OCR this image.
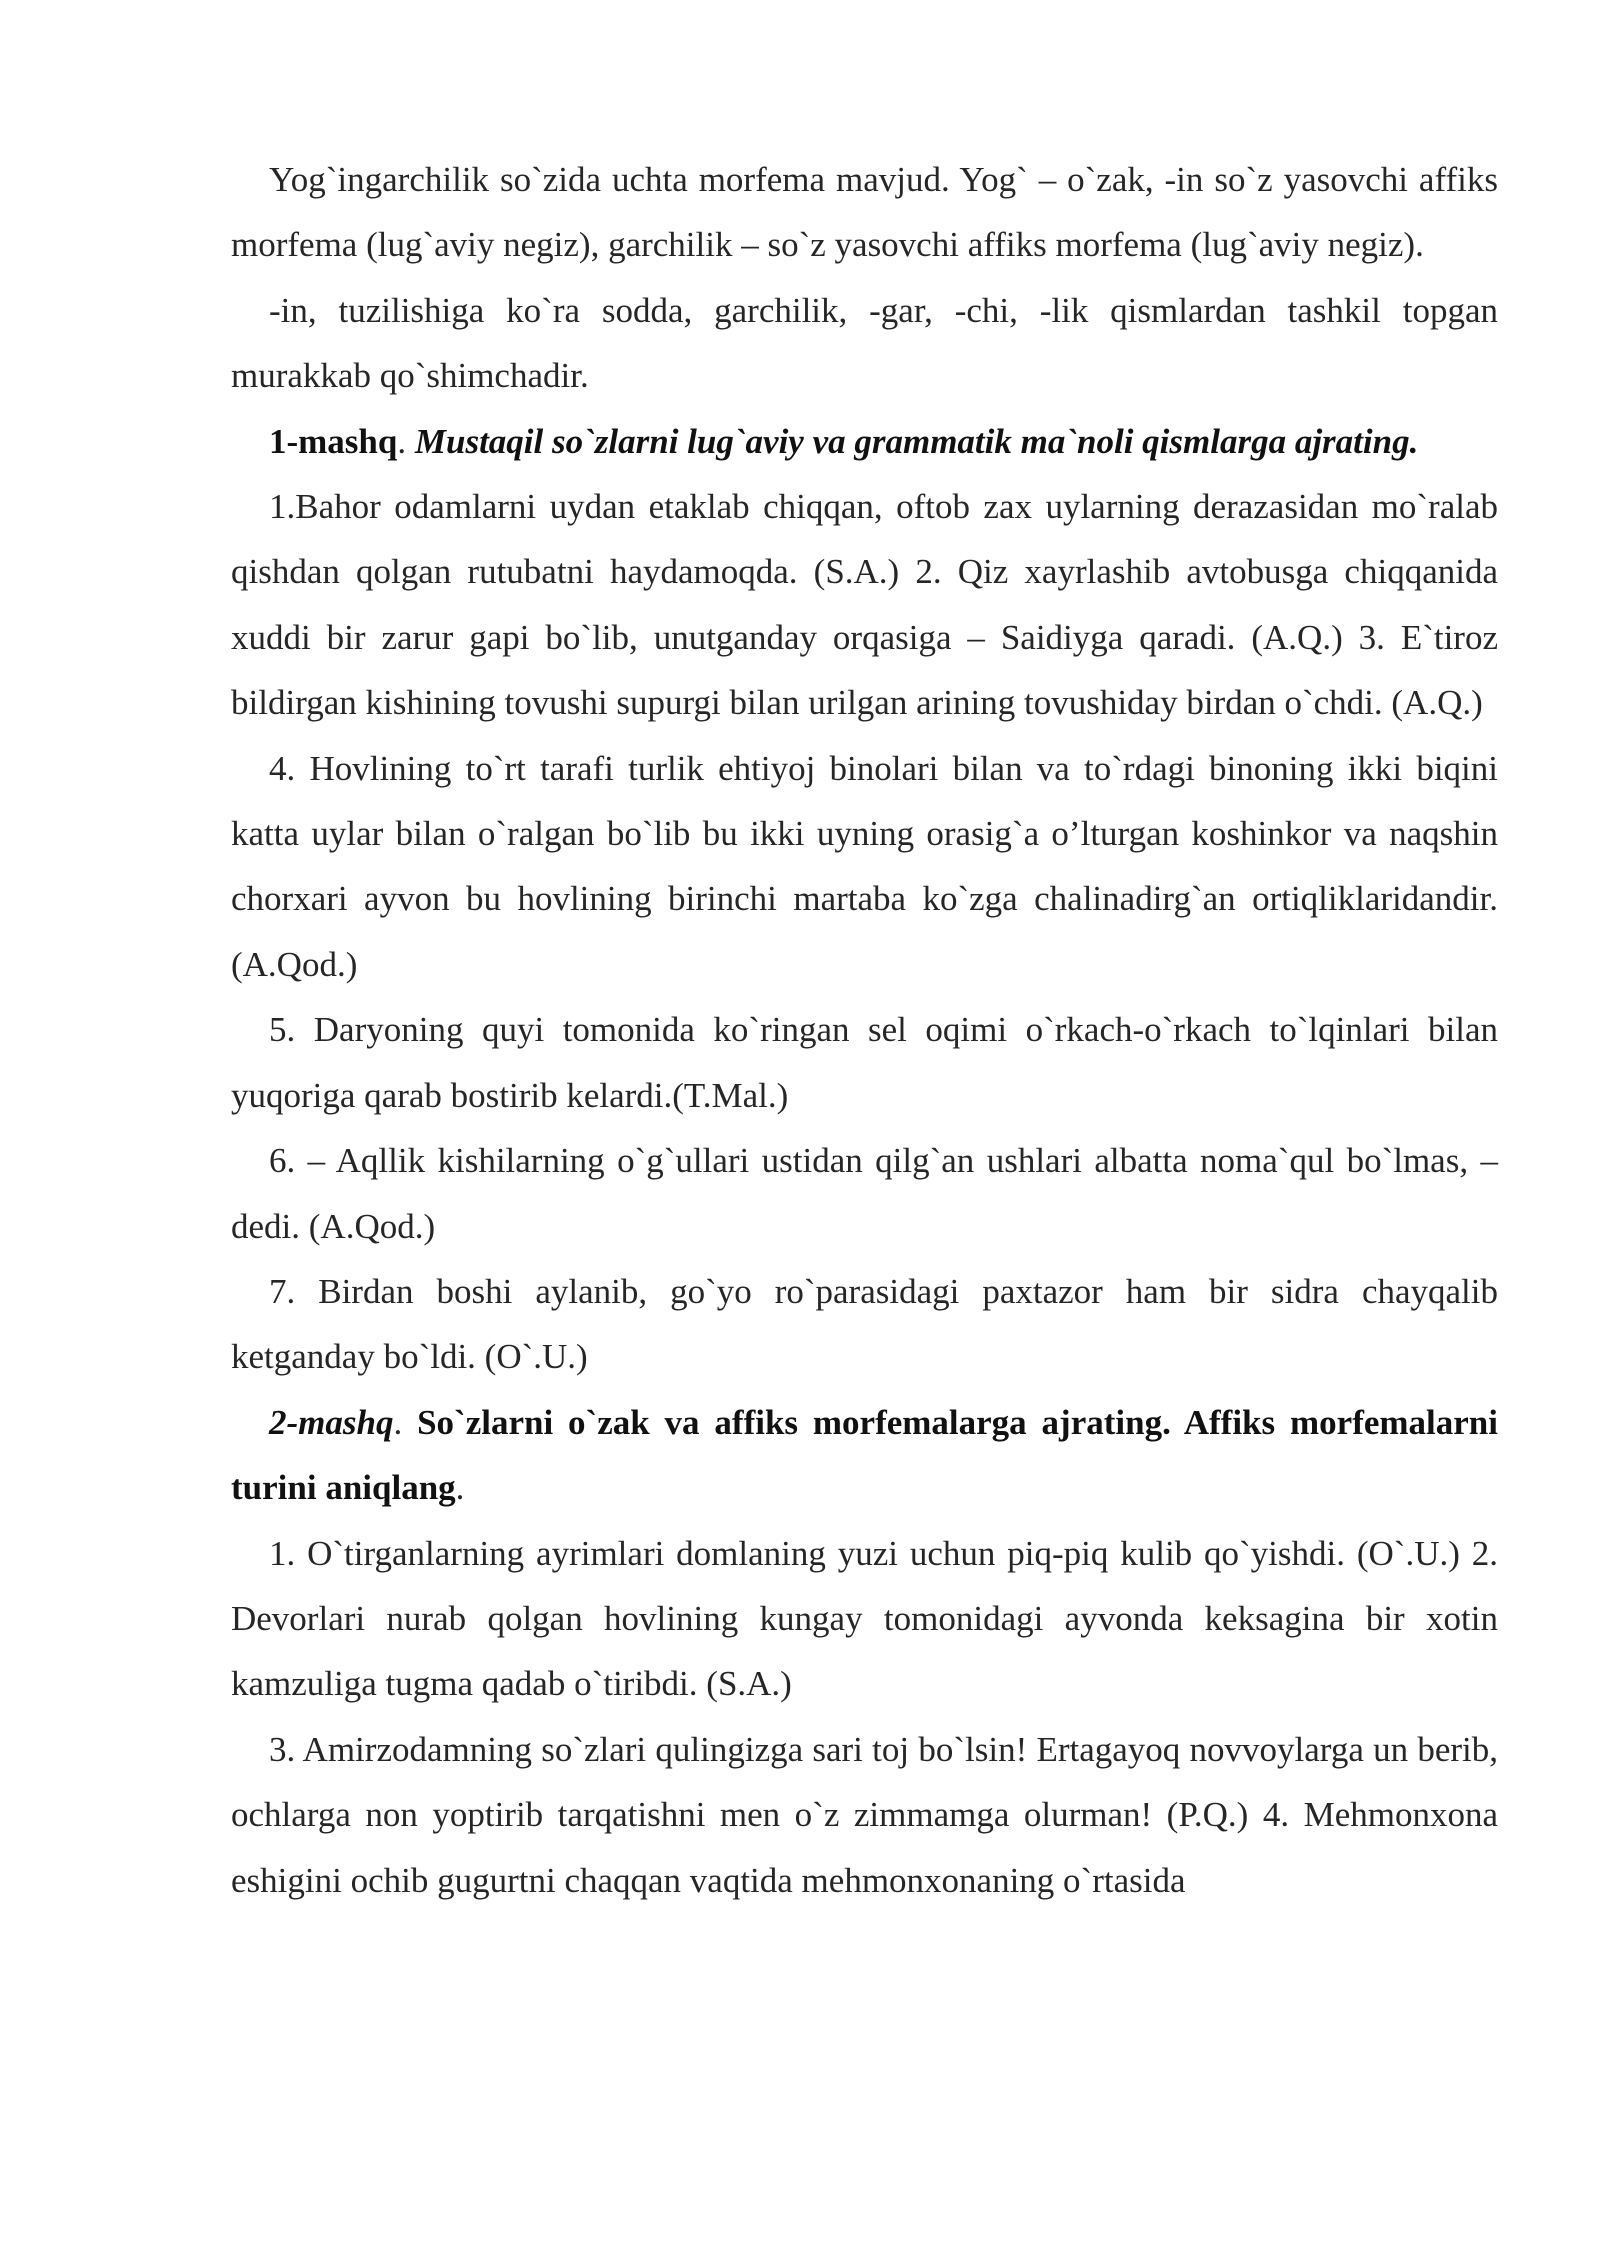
Yog`ingarchilik so`zida uchta morfema mavjud. Yog` – o`zak, -in so`z yasovchi affiks morfema (lug`aviy negiz), garchilik – so`z yasovchi affiks morfema (lug`aviy negiz).

-in, tuzilishiga ko`ra sodda, garchilik, -gar, -chi, -lik qismlardan tashkil topgan murakkab qo`shimchadir.

1-mashq. Mustaqil so`zlarni lug`aviy va grammatik ma`noli qismlarga ajrating.

1.Bahor odamlarni uydan etaklab chiqqan, oftob zax uylarning derazasidan mo`ralab qishdan qolgan rutubatni haydamoqda. (S.A.) 2. Qiz xayrlashib avtobusga chiqqanida xuddi bir zarur gapi bo`lib, unutganday orqasiga – Saidiyga qaradi. (A.Q.) 3. E`tiroz bildirgan kishining tovushi supurgi bilan urilgan arining tovushiday birdan o`chdi. (A.Q.)

4. Hovlining to`rt tarafi turlik ehtiyoj binolari bilan va to`rdagi binoning ikki biqini katta uylar bilan o`ralgan bo`lib bu ikki uyning orasig`a o’lturgan koshinkor va naqshin chorxari ayvon bu hovlining birinchi martaba ko`zga chalinadirg`an ortiqliklaridandir. (A.Qod.)

5. Daryoning quyi tomonida ko`ringan sel oqimi o`rkach-o`rkach to`lqinlari bilan yuqoriga qarab bostirib kelardi.(T.Mal.)

6. – Aqllik kishilarning o`g`ullari ustidan qilg`an ushlari albatta noma`qul bo`lmas, – dedi. (A.Qod.)

7. Birdan boshi aylanib, go`yo ro`parasidagi paxtazor ham bir sidra chayqalib ketganday bo`ldi. (O`.U.)

2-mashq. So`zlarni o`zak va affiks morfemalarga ajrating. Affiks morfemalarni turini aniqlang.

1. O`tirganlarning ayrimlari domlaning yuzi uchun piq-piq kulib qo`yishdi. (O`.U.) 2. Devorlari nurab qolgan hovlining kungay tomonidagi ayvonda keksagina bir xotin kamzuliga tugma qadab o`tiribdi. (S.A.)

3. Amirzodamning so`zlari qulingizga sari toj bo`lsin! Ertagayoq novvoylarga un berib, ochlarga non yoptirib tarqatishni men o`z zimmamga olurman! (P.Q.) 4. Mehmonxona eshigini ochib gugurtni chaqqan vaqtida mehmonxonaning o`rtasida
